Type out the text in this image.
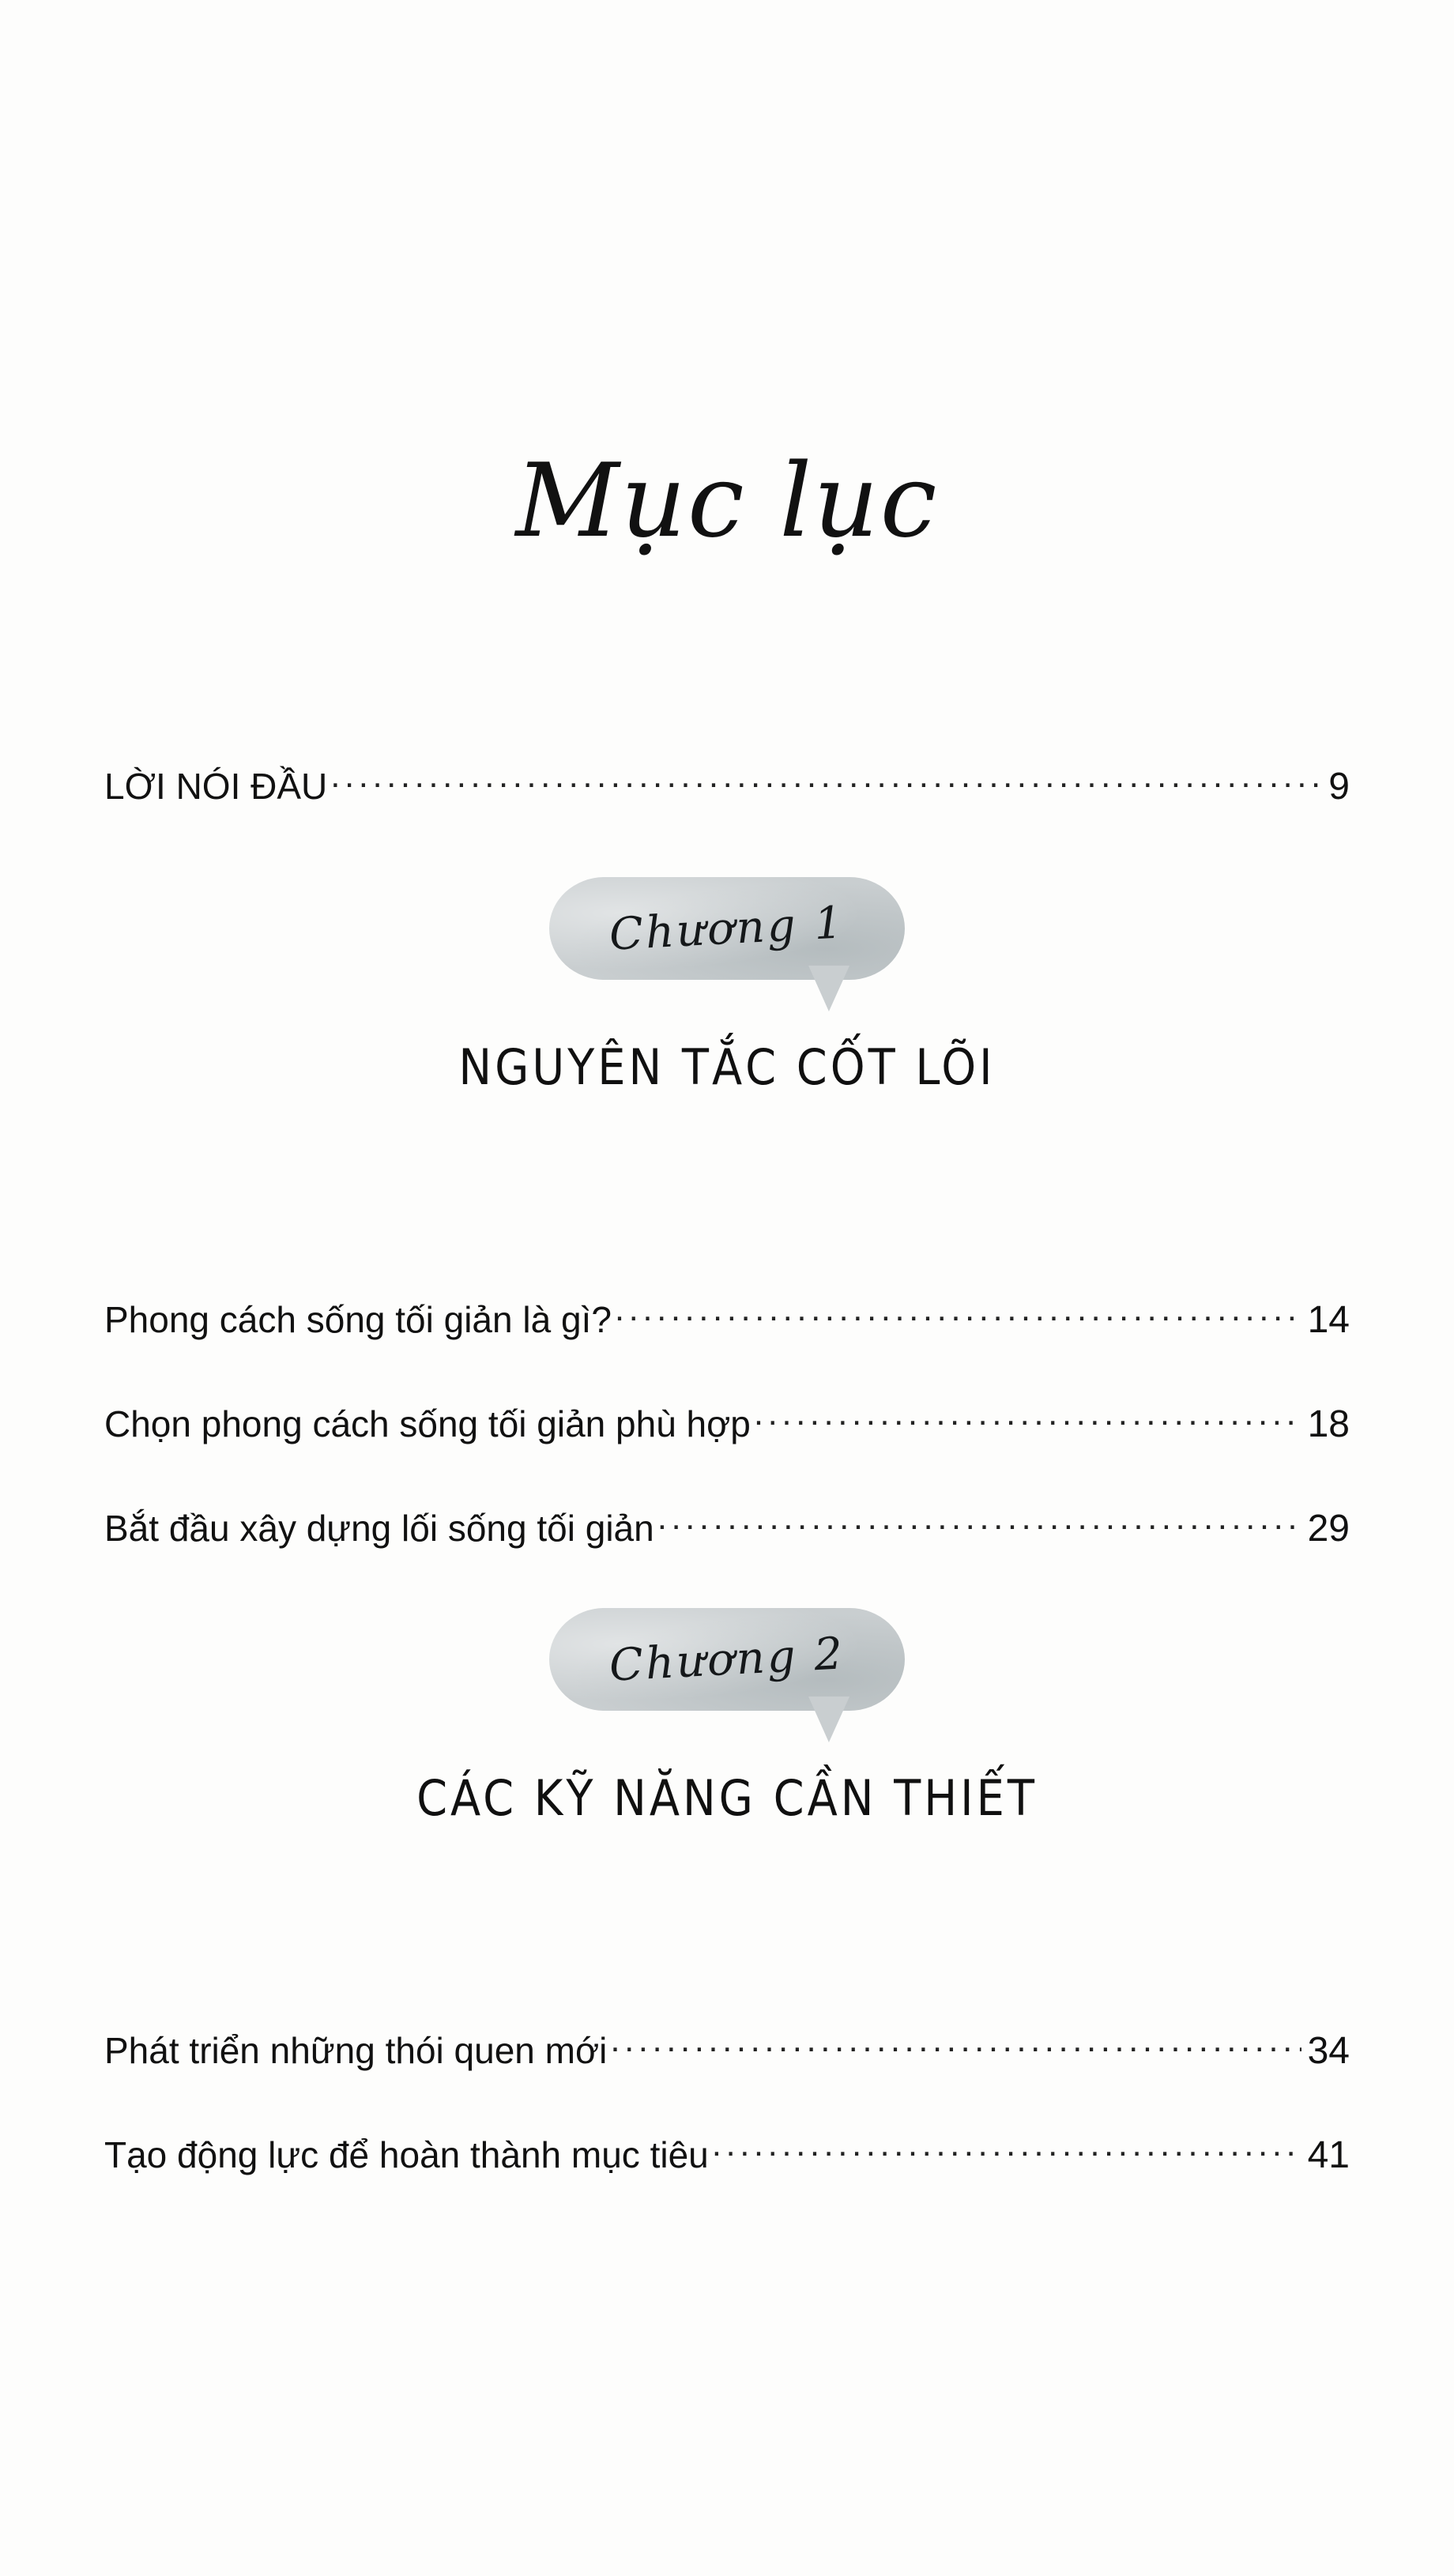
Mục lục
LỜI NÓI ĐẦU .....	9
Chương 1
NGUYÊN TẮC CỐT LÕI
Phong cách sống tối giản là gì? .....	14
Chọn phong cách sống tối giản phù hợp .....	18
Bắt đầu xây dựng lối sống tối giản .....	29
Chương 2
CÁC KỸ NĂNG CẦN THIẾT
Phát triển những thói quen mới .....	34
Tạo động lực để hoàn thành mục tiêu .....	41
